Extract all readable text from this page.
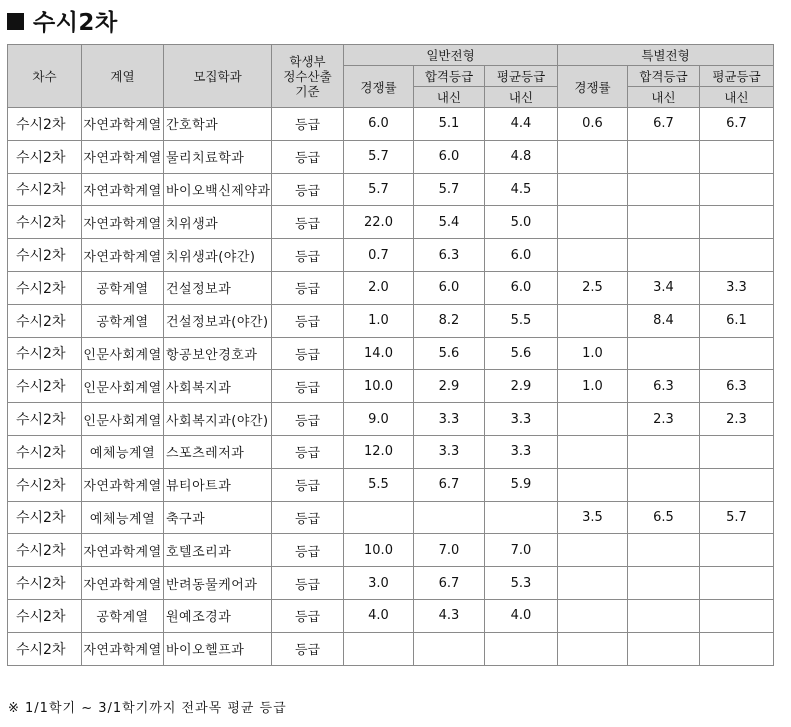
수시2차
차수	계열	모집학과	학생부 정수산출 기준	일반전형			특별전형		
				경쟁률	합격등급	평균등급	경쟁률	합격등급	평균등급
					내신	내신		내신	내신
수시2차	자연과학계열	간호학과	등급	6.0	5.1	4.4	0.6	6.7	6.7
수시2차	자연과학계열	물리치료학과	등급	5.7	6.0	4.8			
수시2차	자연과학계열	바이오백신제약과	등급	5.7	5.7	4.5			
수시2차	자연과학계열	치위생과	등급	22.0	5.4	5.0			
수시2차	자연과학계열	치위생과(야간)	등급	0.7	6.3	6.0			
수시2차	공학계열	건설정보과	등급	2.0	6.0	6.0	2.5	3.4	3.3
수시2차	공학계열	건설정보과(야간)	등급	1.0	8.2	5.5		8.4	6.1
수시2차	인문사회계열	항공보안경호과	등급	14.0	5.6	5.6	1.0		
수시2차	인문사회계열	사회복지과	등급	10.0	2.9	2.9	1.0	6.3	6.3
수시2차	인문사회계열	사회복지과(야간)	등급	9.0	3.3	3.3		2.3	2.3
수시2차	예체능계열	스포츠레저과	등급	12.0	3.3	3.3			
수시2차	자연과학계열	뷰티아트과	등급	5.5	6.7	5.9			
수시2차	예체능계열	축구과	등급				3.5	6.5	5.7
수시2차	자연과학계열	호텔조리과	등급	10.0	7.0	7.0			
수시2차	자연과학계열	반려동물케어과	등급	3.0	6.7	5.3			
수시2차	공학계열	원예조경과	등급	4.0	4.3	4.0			
수시2차	자연과학계열	바이오헬프과	등급						
※ 1/1학기 ~ 3/1학기까지 전과목 평균 등급
